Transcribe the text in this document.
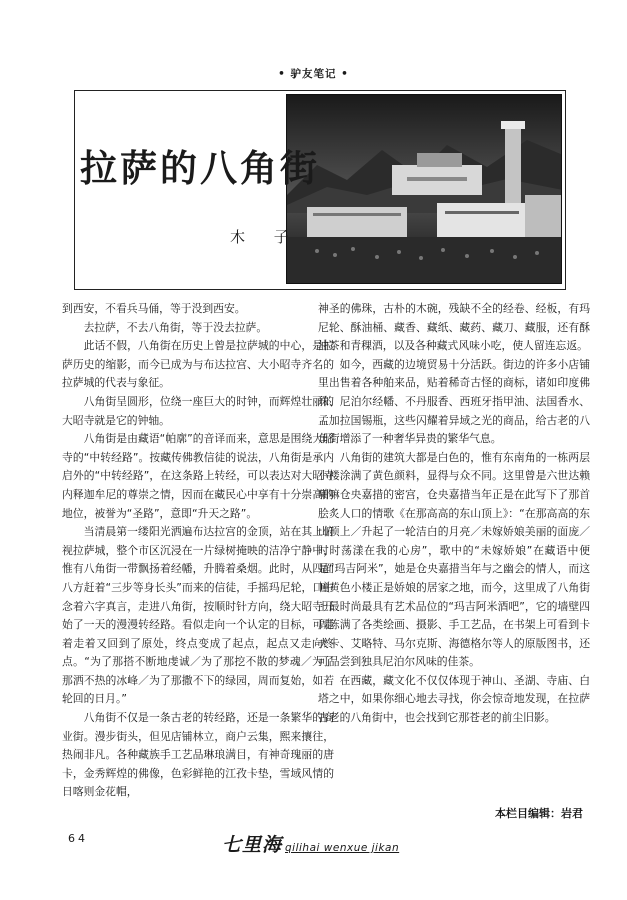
• 驴友笔记 •
拉萨的八角街
木 子

到西安，不看兵马俑，等于没到西安。

去拉萨，不去八角街，等于没去拉萨。

此话不假，八角街在历史上曾是拉萨城的中心，是拉萨历史的缩影，而今已成为与布达拉宫、大小昭寺齐名的拉萨城的代表与象征。

八角街呈圆形，位绕一座巨大的时钟，而辉煌壮丽的大昭寺就是它的钟轴。

八角街是由藏语“帕廓”的音译而来，意思是围绕大昭寺的“中转经路”。按藏传佛教信徒的说法，八角街是承内启外的“中转经路”，在这条路上转经，可以表达对大昭寺内释迦牟尼的尊崇之情，因而在藏民心中享有十分崇高的地位，被誉为“圣路”，意即“升天之路”。

当清晨第一缕阳光洒遍布达拉宫的金顶，站在其上俯视拉萨城，整个市区沉浸在一片绿树掩映的洁净宁静中，惟有八角街一带飘扬着经幡，升腾着桑烟。此时，从四面八方赶着“三步等身长头”而来的信徒，手摇玛尼轮，口中念着六字真言，走进八角街，按顺时针方向，绕大昭寺开始了一天的漫漫转经路。看似走向一个认定的目标，可走着走着又回到了原处，终点变成了起点，起点又走向终点。“为了那搭不断地虔诚／为了那挖不散的梦魂／为了那洒不热的冰峰／为了那撒不下的绿园，周而复始，如若轮回的日月。”

八角街不仅是一条古老的转经路，还是一条繁华的商业街。漫步街头，但见店铺林立，商户云集，熙来攘往，热闹非凡。各种藏族手工艺品琳琅满目，有神奇瑰丽的唐卡，金秀辉煌的佛像，色彩鲜艳的江孜卡垫，雪域风情的日喀则金花帽，

神圣的佛珠，古朴的木碗，残缺不全的经卷、经板，有玛尼轮、酥油桶、藏香、藏纸、藏药、藏刀、藏服，还有酥油茶和青稞酒，以及各种藏式风味小吃，使人留连忘返。

如今，西藏的边境贸易十分活跃。街边的许多小店铺里出售着各种舶来品，贴着稀奇古怪的商标，诸如印度佛珠、尼泊尔经幡、不丹服香、西班牙指甲油、法国香水、孟加拉国锡瓶，这些闪耀着异域之光的商品，给古老的八角街增添了一种奢华异贵的繁华气息。

八角街的建筑大都是白色的，惟有东南角的一栋两层小楼涂满了黄色颜料，显得与众不同。这里曾是六世达赖喇嘛仓央嘉措的密宫，仓央嘉措当年正是在此写下了那首脍炙人口的情歌《在那高高的东山顶上》：“在那高高的东山顶上／升起了一轮洁白的月亮／未嫁娇娘美丽的面庞／时时荡漾在我的心房”，歌中的“未嫁娇娘”在藏语中便是“玛吉阿米”，她是仓央嘉措当年与之幽会的情人，而这幢黄色小楼正是娇娘的居家之地，而今，这里成了八角街上最时尚最具有艺术品位的“玛吉阿米酒吧”，它的墙壁四周陈满了各类绘画、摄影、手工艺品，在书架上可看到卡夫卡、艾略特、马尔克斯、海德格尔等人的原版图书，还可品尝到独具尼泊尔风味的佳茶。

在西藏，藏文化不仅仅体现于神山、圣湖、寺庙、白塔之中，如果你细心地去寻找，你会惊奇地发现，在拉萨古老的八角街中，也会找到它那苍老的前尘旧影。

本栏目编辑：岩君
64	七里海 qilihai wenxue jikan
